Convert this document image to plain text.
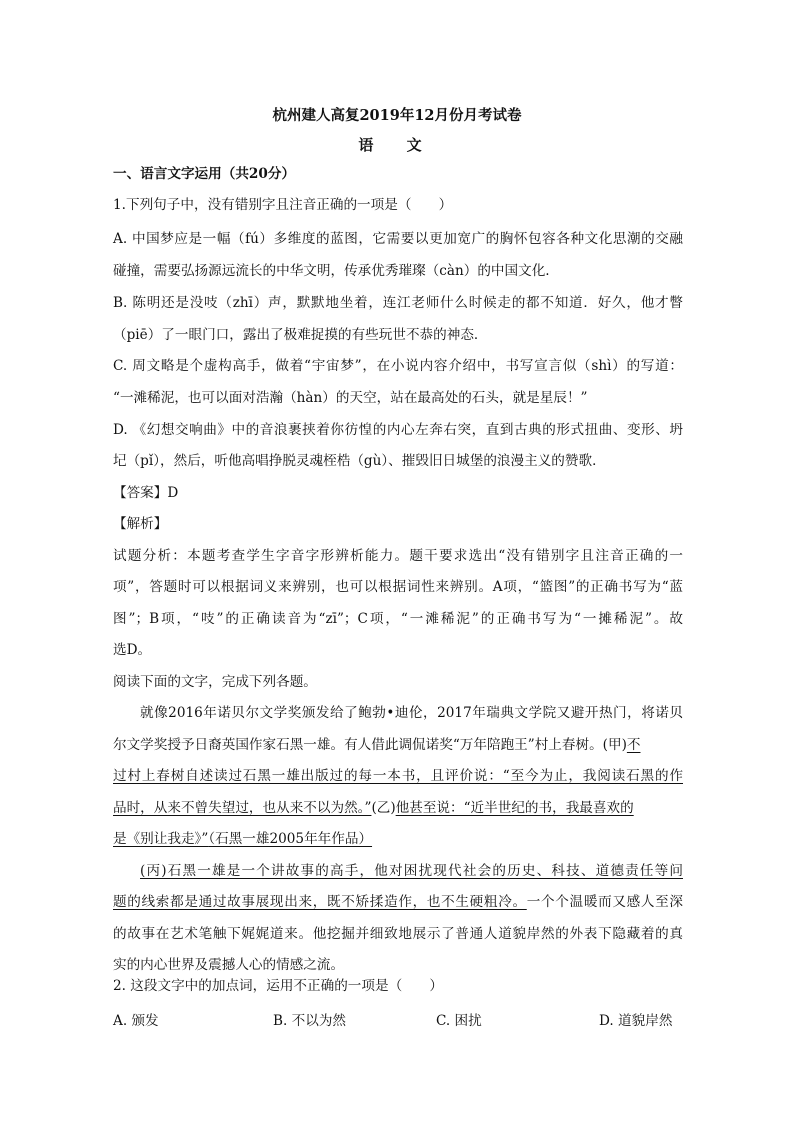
杭州建人高复2019年12月份月考试卷
语 文
一、语言文字运用（共20分）
1.下列句子中，没有错别字且注音正确的一项是（　　）
A. 中国梦应是一幅（fú）多维度的蓝图，它需要以更加宽广的胸怀包容各种文化思潮的交融
碰撞，需要弘扬源远流长的中华文明，传承优秀璀璨（càn）的中国文化.
B. 陈明还是没吱（zhī）声，默默地坐着，连江老师什么时候走的都不知道．好久，他才瞥
（piē）了一眼门口，露出了极难捉摸的有些玩世不恭的神态．
C. 周文略是个虚构高手，做着“宇宙梦”，在小说内容介绍中，书写宣言似（shì）的写道：
“一滩稀泥，也可以面对浩瀚（hàn）的天空，站在最高处的石头，就是星辰！”
D. 《幻想交响曲》中的音浪裹挟着你彷惶的内心左奔右突，直到古典的形式扭曲、变形、坍
圮（pǐ），然后，听他高唱挣脱灵魂桎梏（gù）、摧毁旧日城堡的浪漫主义的赞歌．
【答案】D
【解析】
试题分析：本题考查学生字音字形辨析能力。题干要求选出“没有错别字且注音正确的一
项”，答题时可以根据词义来辨别，也可以根据词性来辨别。A项，“篮图”的正确书写为“蓝
图”；B项，“吱”的正确读音为“zī”；C项，“一滩稀泥”的正确书写为“一摊稀泥”。故
选D。
阅读下面的文字，完成下列各题。
就像2016年诺贝尔文学奖颁发给了鲍勃•迪伦，2017年瑞典文学院又避开热门，将诺贝
尔文学奖授予日裔英国作家石黑一雄。有人借此调侃诺奖“万年陪跑王”村上春树。(甲)不
过村上春树自述读过石黑一雄出版过的每一本书，且评价说：“至今为止，我阅读石黑的作
品时，从来不曾失望过，也从来不以为然。”(乙)他甚至说：“近半世纪的书，我最喜欢的
是《别让我走》”（石黑一雄2005年年作品）
(丙)石黑一雄是一个讲故事的高手，他对困扰现代社会的历史、科技、道德责任等问
题的线索都是通过故事展现出来，既不矫揉造作，也不生硬粗冷。一个个温暖而又感人至深
的故事在艺术笔触下娓娓道来。他挖掘并细致地展示了普通人道貌岸然的外表下隐藏着的真
实的内心世界及震撼人心的情感之流。
2. 这段文字中的加点词，运用不正确的一项是（　　）
A. 颁发	B. 不以为然	C. 困扰	D. 道貌岸然
